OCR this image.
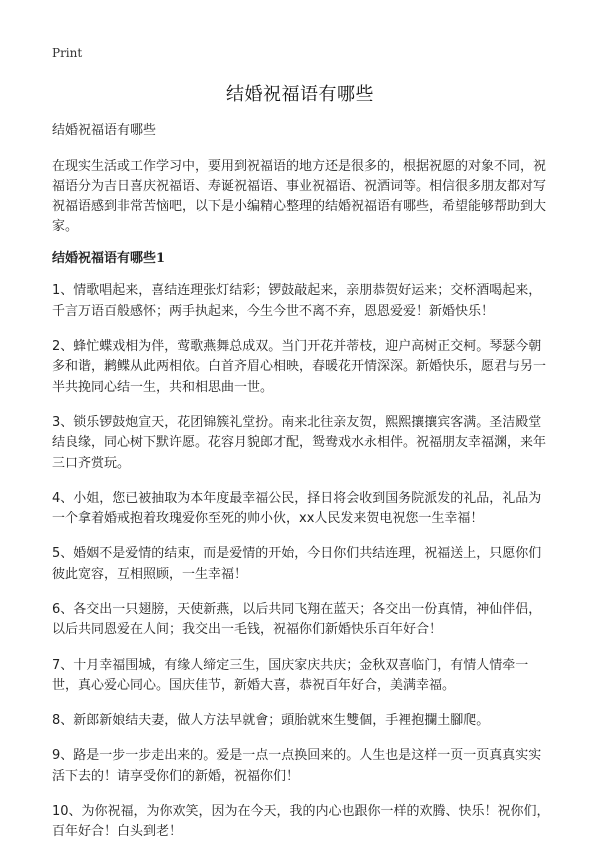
Print
结婚祝福语有哪些

结婚祝福语有哪些

在现实生活或工作学习中，要用到祝福语的地方还是很多的，根据祝愿的对象不同，祝福语分为吉日喜庆祝福语、寿诞祝福语、事业祝福语、祝酒词等。相信很多朋友都对写祝福语感到非常苦恼吧，以下是小编精心整理的结婚祝福语有哪些，希望能够帮助到大家。

结婚祝福语有哪些1

1、情歌唱起来，喜结连理张灯结彩；锣鼓敲起来，亲朋恭贺好运来；交杯酒喝起来，千言万语百般感怀；两手执起来，今生今世不离不弃，恩恩爱爱！新婚快乐！

2、蜂忙蝶戏相为伴，莺歌燕舞总成双。当门开花并蒂枝，迎户高树正交柯。琴瑟今朝多和谐，鹣鲽从此两相依。白首齐眉心相映，春暖花开情深深。新婚快乐，愿君与另一半共挽同心结一生，共和相思曲一世。

3、锁乐锣鼓炮宣天，花团锦簇礼堂扮。南来北往亲友贺，熙熙攘攘宾客满。圣洁殿堂结良缘，同心树下默许愿。花容月貌郎才配，鸳鸯戏水永相伴。祝福朋友幸福渊，来年三口齐赏玩。

4、小姐，您已被抽取为本年度最幸福公民，择日将会收到国务院派发的礼品，礼品为一个拿着婚戒抱着玫瑰爱你至死的帅小伙，xx人民发来贺电祝您一生幸福！

5、婚姻不是爱情的结束，而是爱情的开始，今日你们共结连理，祝福送上，只愿你们彼此宽容，互相照顾，一生幸福！

6、各交出一只翅膀，天使新燕，以后共同飞翔在蓝天；各交出一份真情，神仙伴侣，以后共同恩爱在人间；我交出一毛钱，祝福你们新婚快乐百年好合！

7、十月幸福围城，有缘人缔定三生，国庆家庆共庆；金秋双喜临门，有情人情牵一世，真心爱心同心。国庆佳节，新婚大喜，恭祝百年好合，美满幸福。

8、新郎新娘结夫妻，做人方法早就會；頭胎就來生雙個，手裡抱攔土腳爬。

9、路是一步一步走出来的。爱是一点一点换回来的。人生也是这样一页一页真真实实活下去的！请享受你们的新婚，祝福你们！

10、为你祝福，为你欢笑，因为在今天，我的内心也跟你一样的欢腾、快乐！祝你们，百年好合！白头到老！
